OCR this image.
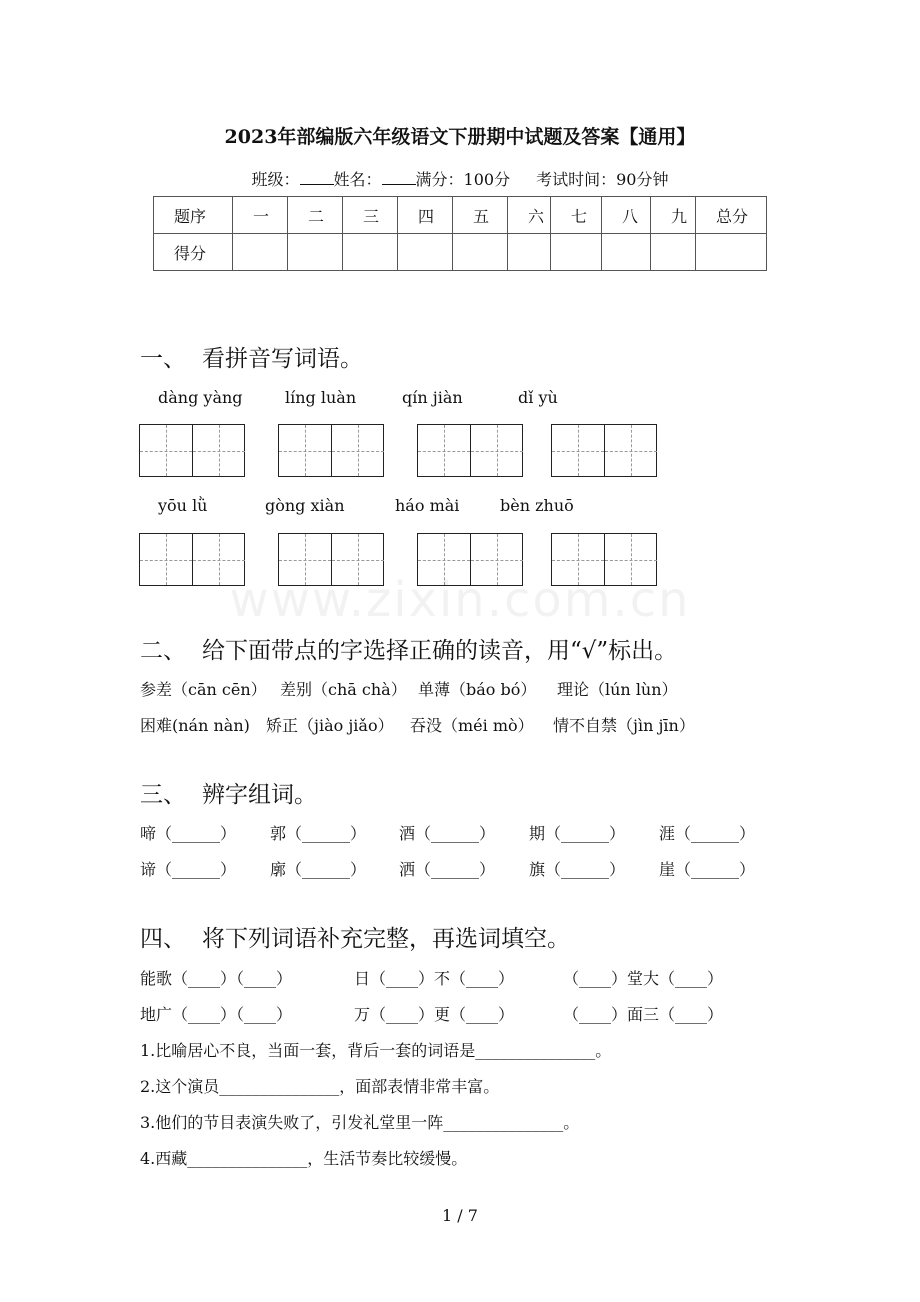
2023年部编版六年级语文下册期中试题及答案【通用】
班级： 姓名： 满分：100分 考试时间：90分钟
题序	一	二	三	四	五	六	七	八	九	总分
得分										
一、 看拼音写词语。
dàng yàng	líng luàn	qín jiàn	dǐ yù
yōu lǜ	gòng xiàn	háo mài	bèn zhuō
www.zixin.com.cn
二、 给下面带点的字选择正确的读音，用“√”标出。
参差（cān cēn） 差别（chā chà） 单薄（báo bó） 理论（lún lùn）
困难(nán nàn) 矫正（jiào jiǎo） 吞没（méi mò） 情不自禁（jìn jīn）
三、 辨字组词。
啼（______） 郭（______） 酒（______） 期（______） 涯（______）
谛（______） 廓（______） 洒（______） 旗（______） 崖（______）
四、 将下列词语补充完整，再选词填空。
能歌（____）（____）	日（____）不（____）	（____）堂大（____）
地广（____）（____）	万（____）更（____）	（____）面三（____）
1.比喻居心不良，当面一套，背后一套的词语是_______________。
2.这个演员_______________，面部表情非常丰富。
3.他们的节目表演失败了，引发礼堂里一阵_______________。
4.西藏_______________，生活节奏比较缓慢。
1 / 7
